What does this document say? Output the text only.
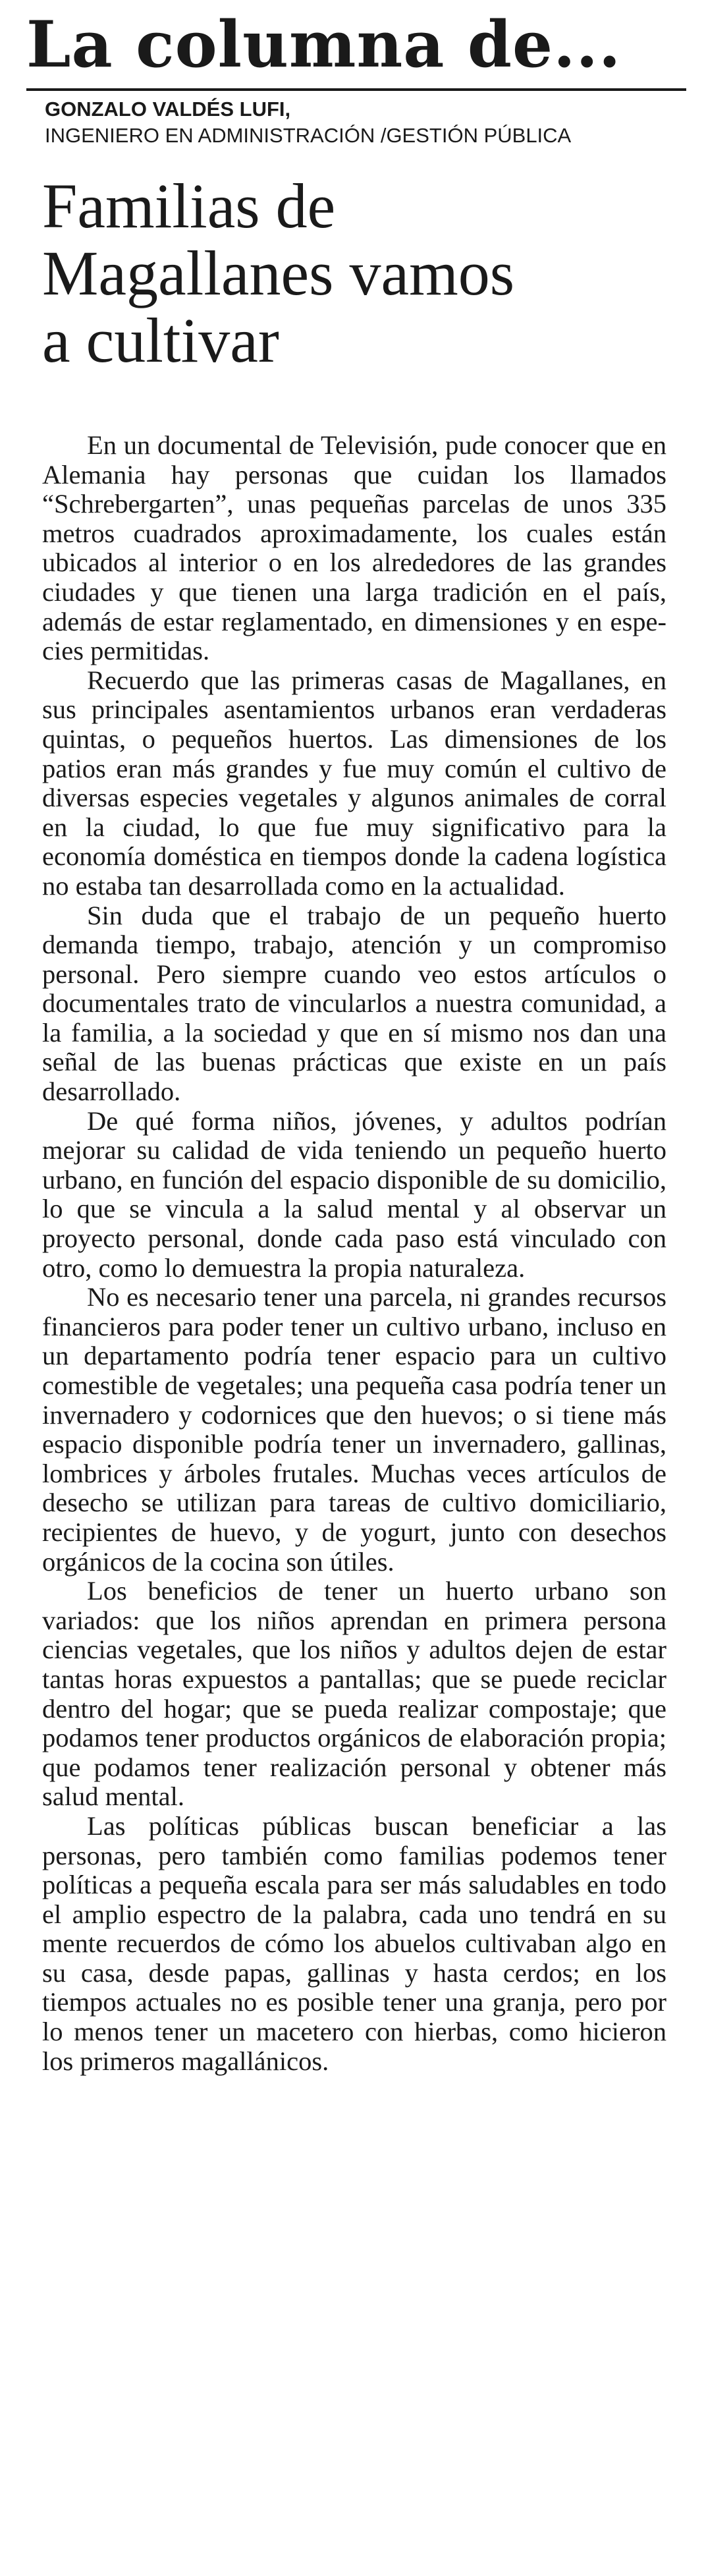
La columna de...
GONZALO VALDÉS LUFI,
INGENIERO EN ADMINISTRACIÓN /GESTIÓN PÚBLICA
Familias de
Magallanes vamos
a cultivar

En un documental de Televisión, pude conocer que en Alemania hay personas que cuidan los llamados “Schrebergarten”, unas pequeñas parcelas de unos 335 metros cuadrados aproximadamente, los cuales están ubicados al interior o en los alrededores de las grandes ciudades y que tienen una larga tradición en el país, además de estar reglamentado, en dimensiones y en especies permitidas.

Recuerdo que las primeras casas de Magallanes, en sus principales asentamientos urbanos eran verdaderas quintas, o pequeños huertos. Las dimensiones de los patios eran más grandes y fue muy común el cultivo de diversas especies vegetales y algunos animales de corral en la ciudad, lo que fue muy significativo para la economía doméstica en tiempos donde la cadena logística no estaba tan desarrollada como en la actualidad.

Sin duda que el trabajo de un pequeño huerto demanda tiempo, trabajo, atención y un compromiso personal. Pero siempre cuando veo estos artículos o documentales trato de vincularlos a nuestra comunidad, a la familia, a la sociedad y que en sí mismo nos dan una señal de las buenas prácticas que existe en un país desarrollado.

De qué forma niños, jóvenes, y adultos podrían mejorar su calidad de vida teniendo un pequeño huerto urbano, en función del espacio disponible de su domicilio, lo que se vincula a la salud mental y al observar un proyecto personal, donde cada paso está vinculado con otro, como lo demuestra la propia naturaleza.

No es necesario tener una parcela, ni grandes recursos financieros para poder tener un cultivo urbano, incluso en un departamento podría tener espacio para un cultivo comestible de vegetales; una pequeña casa podría tener un invernadero y codornices que den huevos; o si tiene más espacio disponible podría tener un invernadero, gallinas, lombrices y árboles frutales. Muchas veces artículos de desecho se utilizan para tareas de cultivo domiciliario, recipientes de huevo, y de yogurt, junto con desechos orgánicos de la cocina son útiles.

Los beneficios de tener un huerto urbano son variados: que los niños aprendan en primera persona ciencias vegetales, que los niños y adultos dejen de estar tantas horas expuestos a pantallas; que se puede reciclar dentro del hogar; que se pueda realizar compostaje; que podamos tener productos orgánicos de elaboración propia; que podamos tener realización personal y obtener más salud mental.

Las políticas públicas buscan beneficiar a las personas, pero también como familias podemos tener políticas a pequeña escala para ser más saludables en todo el amplio espectro de la palabra, cada uno tendrá en su mente recuerdos de cómo los abuelos cultivaban algo en su casa, desde papas, gallinas y hasta cerdos; en los tiempos actuales no es posible tener una granja, pero por lo menos tener un macetero con hierbas, como hicieron los primeros magallánicos.
